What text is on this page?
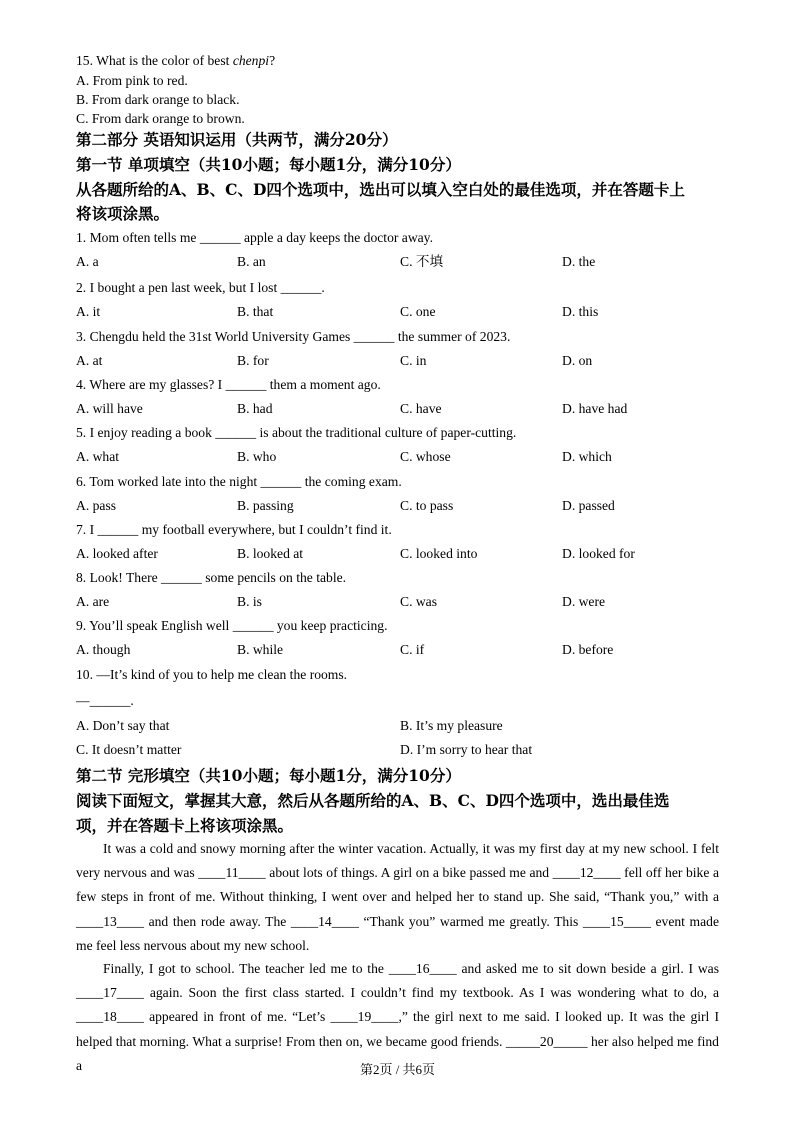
15. What is the color of best chenpi?
A. From pink to red.
B. From dark orange to black.
C. From dark orange to brown.
第二部分 英语知识运用（共两节，满分20分）
第一节 单项填空（共10小题；每小题1分，满分10分）
从各题所给的A、B、C、D四个选项中，选出可以填入空白处的最佳选项，并在答题卡上
将该项涂黑。
1. Mom often tells me ______ apple a day keeps the doctor away.
A. a	B. an	C. 不填	D. the
2. I bought a pen last week, but I lost ______.
A. it	B. that	C. one	D. this
3. Chengdu held the 31st World University Games ______ the summer of 2023.
A. at	B. for	C. in	D. on
4. Where are my glasses? I ______ them a moment ago.
A. will have	B. had	C. have	D. have had
5. I enjoy reading a book ______ is about the traditional culture of paper-cutting.
A. what	B. who	C. whose	D. which
6. Tom worked late into the night ______ the coming exam.
A. pass	B. passing	C. to pass	D. passed
7. I ______ my football everywhere, but I couldn’t find it.
A. looked after	B. looked at	C. looked into	D. looked for
8. Look! There ______ some pencils on the table.
A. are	B. is	C. was	D. were
9. You’ll speak English well ______ you keep practicing.
A. though	B. while	C. if	D. before
10. —It’s kind of you to help me clean the rooms.
—______.
A. Don’t say that	B. It’s my pleasure
C. It doesn’t matter	D. I’m sorry to hear that
第二节 完形填空（共10小题；每小题1分，满分10分）
阅读下面短文，掌握其大意，然后从各题所给的A、B、C、D四个选项中，选出最佳选
项，并在答题卡上将该项涂黑。
It was a cold and snowy morning after the winter vacation. Actually, it was my first day at my new school. I felt very nervous and was ____11____ about lots of things. A girl on a bike passed me and ____12____ fell off her bike a few steps in front of me. Without thinking, I went over and helped her to stand up. She said, “Thank you,” with a ____13____ and then rode away. The ____14____ “Thank you” warmed me greatly. This ____15____ event made me feel less nervous about my new school.
Finally, I got to school. The teacher led me to the ____16____ and asked me to sit down beside a girl. I was ____17____ again. Soon the first class started. I couldn’t find my textbook. As I was wondering what to do, a ____18____ appeared in front of me. “Let’s ____19____,” the girl next to me said. I looked up. It was the girl I helped that morning. What a surprise! From then on, we became good friends. _____20_____ her also helped me find a	第2页 / 共6页
